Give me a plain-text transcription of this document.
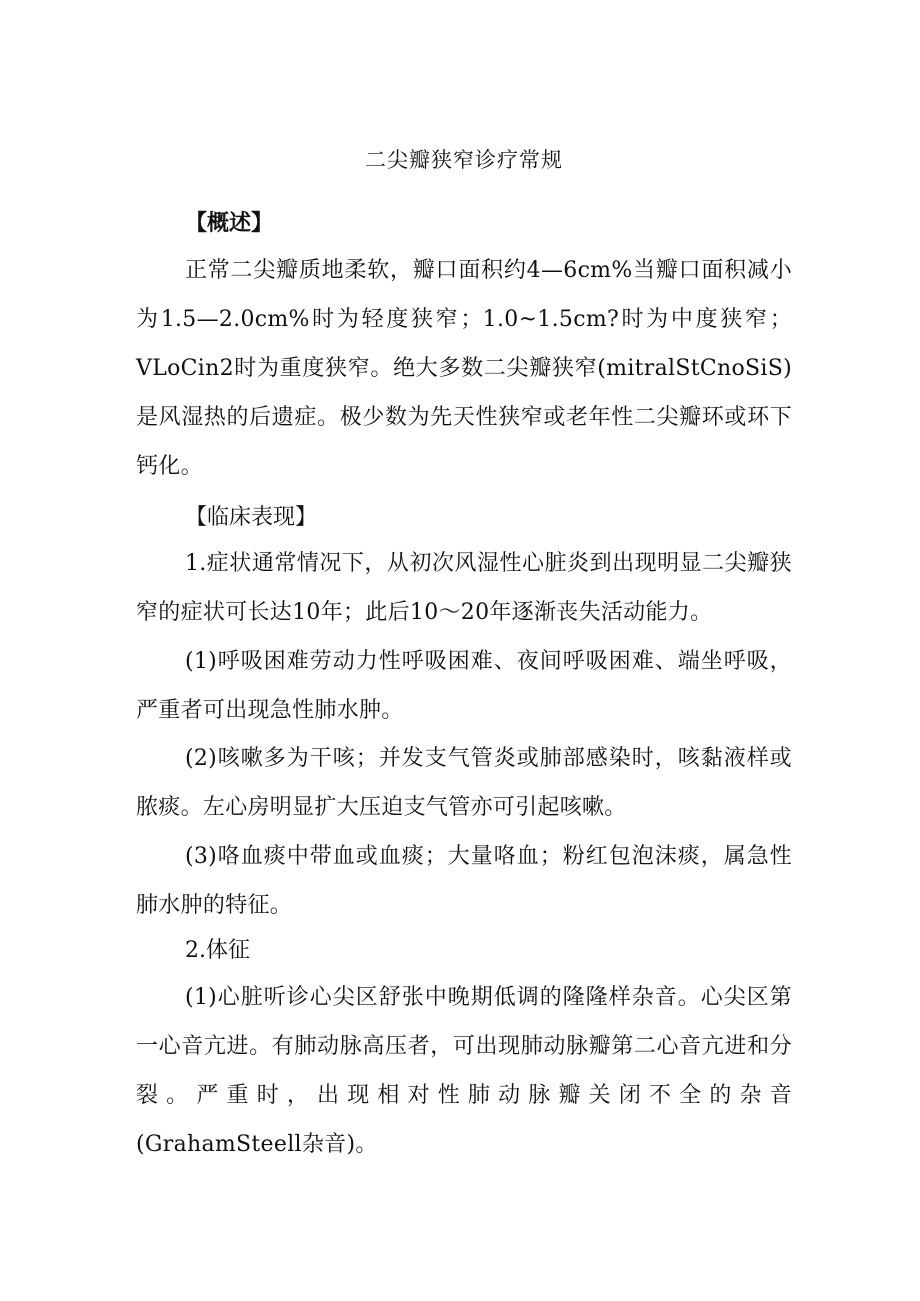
二尖瓣狭窄诊疗常规

【概述】

正常二尖瓣质地柔软，瓣口面积约4—6cm%当瓣口面积减小为1.5—2.0cm%时为轻度狭窄；1.0~1.5cm?时为中度狭窄；VLoCin2时为重度狭窄。绝大多数二尖瓣狭窄(mitralStCnoSiS)是风湿热的后遗症。极少数为先天性狭窄或老年性二尖瓣环或环下钙化。

【临床表现】

1.症状通常情况下，从初次风湿性心脏炎到出现明显二尖瓣狭窄的症状可长达10年；此后10～20年逐渐丧失活动能力。

(1)呼吸困难劳动力性呼吸困难、夜间呼吸困难、端坐呼吸，严重者可出现急性肺水肿。

(2)咳嗽多为干咳；并发支气管炎或肺部感染时，咳黏液样或脓痰。左心房明显扩大压迫支气管亦可引起咳嗽。

(3)咯血痰中带血或血痰；大量咯血；粉红包泡沫痰，属急性肺水肿的特征。

2.体征

(1)心脏听诊心尖区舒张中晚期低调的隆隆样杂音。心尖区第一心音亢进。有肺动脉高压者，可出现肺动脉瓣第二心音亢进和分裂。严重时，出现相对性肺动脉瓣关闭不全的杂音(GrahamSteell杂音)。
